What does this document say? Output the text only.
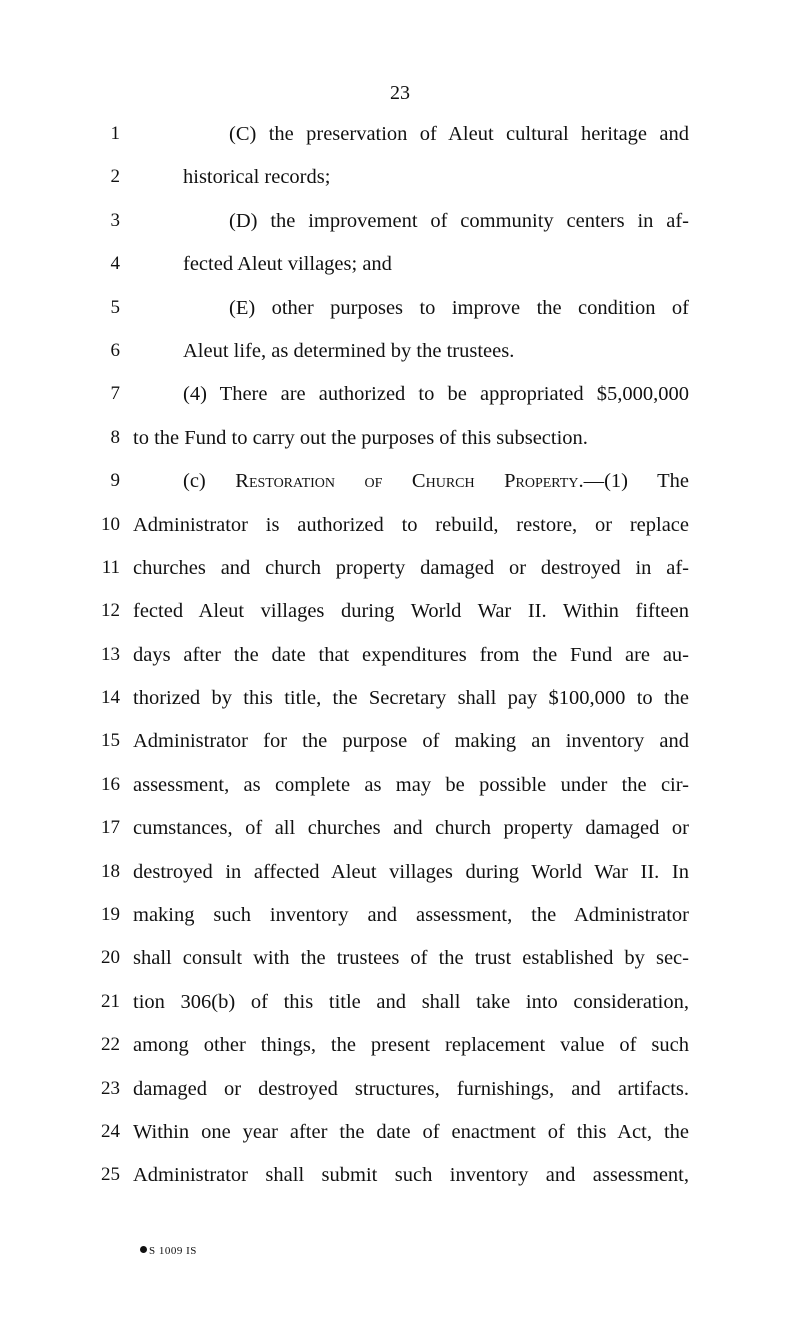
23
1	(C) the preservation of Aleut cultural heritage and
2	historical records;
3	(D) the improvement of community centers in af-
4	fected Aleut villages; and
5	(E) other purposes to improve the condition of
6	Aleut life, as determined by the trustees.
7	(4) There are authorized to be appropriated $5,000,000
8 to the Fund to carry out the purposes of this subsection.
9	(c) Restoration of Church Property.—(1) The
10 Administrator is authorized to rebuild, restore, or replace
11 churches and church property damaged or destroyed in af-
12 fected Aleut villages during World War II. Within fifteen
13 days after the date that expenditures from the Fund are au-
14 thorized by this title, the Secretary shall pay $100,000 to the
15 Administrator for the purpose of making an inventory and
16 assessment, as complete as may be possible under the cir-
17 cumstances, of all churches and church property damaged or
18 destroyed in affected Aleut villages during World War II. In
19 making such inventory and assessment, the Administrator
20 shall consult with the trustees of the trust established by sec-
21 tion 306(b) of this title and shall take into consideration,
22 among other things, the present replacement value of such
23 damaged or destroyed structures, furnishings, and artifacts.
24 Within one year after the date of enactment of this Act, the
25 Administrator shall submit such inventory and assessment,
S 1009 IS
